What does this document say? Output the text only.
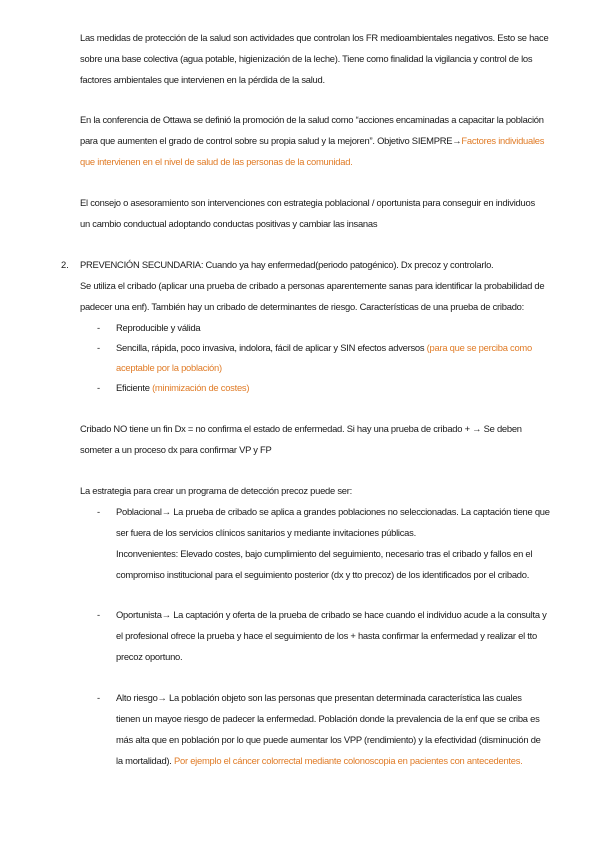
Las medidas de protección de la salud son actividades que controlan los FR medioambientales negativos. Esto se hace
sobre una base colectiva (agua potable, higienización de la leche). Tiene como finalidad la vigilancia y control de los
factores ambientales que intervienen en la pérdida de la salud.
En la conferencia de Ottawa se definió la promoción de la salud como “acciones encaminadas a capacitar la población
para que aumenten el grado de control sobre su propia salud y la mejoren”. Objetivo SIEMPRE→Factores individuales
que intervienen en el nivel de salud de las personas de la comunidad.
El consejo o asesoramiento son intervenciones con estrategia poblacional / oportunista para conseguir en individuos
un cambio conductual adoptando conductas positivas y cambiar las insanas
2. PREVENCIÓN SECUNDARIA: Cuando ya hay enfermedad(periodo patogénico). Dx precoz y controlarlo.
Se utiliza el cribado (aplicar una prueba de cribado a personas aparentemente sanas para identificar la probabilidad de
padecer una enf). También hay un cribado de determinantes de riesgo. Características de una prueba de cribado:
- Reproducible y válida
- Sencilla, rápida, poco invasiva, indolora, fácil de aplicar y SIN efectos adversos (para que se perciba como
aceptable por la población)
- Eficiente (minimización de costes)
Cribado NO tiene un fin Dx = no confirma el estado de enfermedad. Si hay una prueba de cribado + → Se deben
someter a un proceso dx para confirmar VP y FP
La estrategia para crear un programa de detección precoz puede ser:
- Poblacional→ La prueba de cribado se aplica a grandes poblaciones no seleccionadas. La captación tiene que
ser fuera de los servicios clínicos sanitarios y mediante invitaciones públicas.
Inconvenientes: Elevado costes, bajo cumplimiento del seguimiento, necesario tras el cribado y fallos en el
compromiso institucional para el seguimiento posterior (dx y tto precoz) de los identificados por el cribado.
- Oportunista→ La captación y oferta de la prueba de cribado se hace cuando el individuo acude a la consulta y
el profesional ofrece la prueba y hace el seguimiento de los + hasta confirmar la enfermedad y realizar el tto
precoz oportuno.
- Alto riesgo→ La población objeto son las personas que presentan determinada característica las cuales
tienen un mayoe riesgo de padecer la enfermedad. Población donde la prevalencia de la enf que se criba es
más alta que en población por lo que puede aumentar los VPP (rendimiento) y la efectividad (disminución de
la mortalidad). Por ejemplo el cáncer colorrectal mediante colonoscopia en pacientes con antecedentes.
